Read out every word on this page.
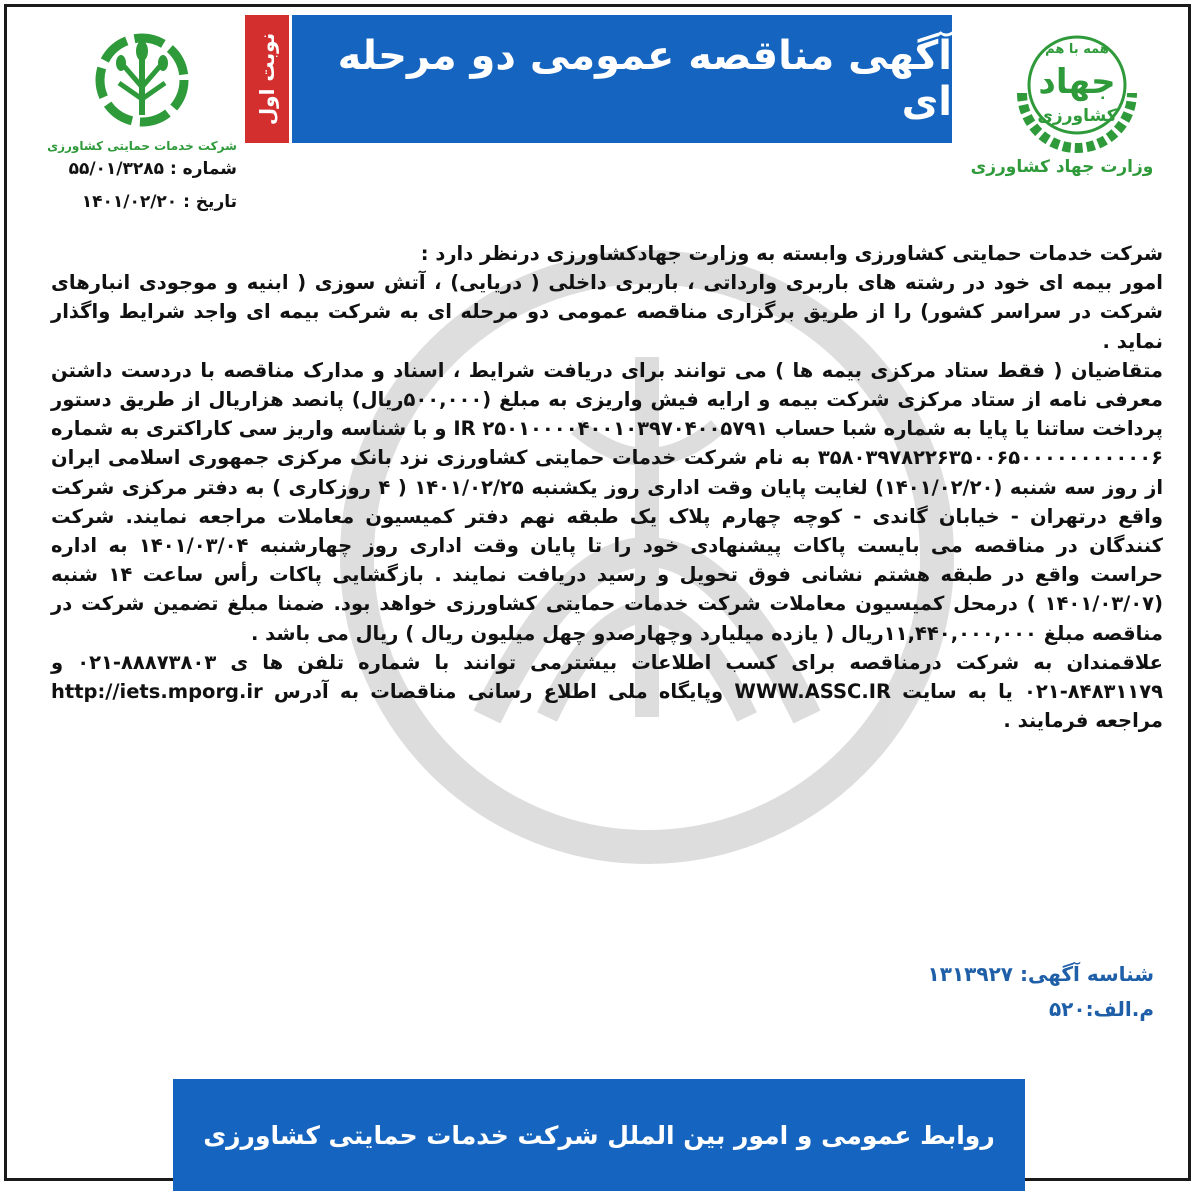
شرکت خدمات حمایتی کشاورزی
نوبت اول	آگهی مناقصه عمومی دو مرحله ای
همه با هم
جهاد
کشاورزی
وزارت جهاد کشاورزی
شماره : ۵۵/۰۱/۳۲۸۵
تاریخ : ۱۴۰۱/۰۲/۲۰

شرکت خدمات حمایتی کشاورزی وابسته به وزارت جهادکشاورزی درنظر دارد :

امور بیمه ای خود در رشته های باربری وارداتی ، باربری داخلی ( دریایی) ، آتش سوزی ( ابنیه و موجودی انبارهای شرکت در سراسر کشور) را از طریق برگزاری مناقصه عمومی دو مرحله ای به شرکت بیمه ای واجد شرایط واگذار نماید .

متقاضیان ( فقط ستاد مرکزی بیمه ها ) می توانند برای دریافت شرایط ، اسناد و مدارک مناقصه با دردست داشتن معرفی نامه از ستاد مرکزی شرکت بیمه و ارایه فیش واریزی به مبلغ (۵۰۰,۰۰۰ریال) پانصد هزاریال از طریق دستور پرداخت ساتنا یا پایا به شماره شبا حساب IR ۲۵۰۱۰۰۰۰۴۰۰۱۰۳۹۷۰۴۰۰۵۷۹۱ و با شناسه واریز سی کاراکتری به شماره ۳۵۸۰۳۹۷۸۲۲۶۳۵۰۰۶۵۰۰۰۰۰۰۰۰۰۰۰۶ به نام شرکت خدمات حمایتی کشاورزی نزد بانک مرکزی جمهوری اسلامی ایران از روز سه شنبه (۱۴۰۱/۰۲/۲۰) لغایت پایان وقت اداری روز یکشنبه ۱۴۰۱/۰۲/۲۵ ( ۴ روزکاری ) به دفتر مرکزی شرکت واقع درتهران - خیابان گاندی - کوچه چهارم پلاک یک طبقه نهم دفتر کمیسیون معاملات مراجعه نمایند. شرکت کنندگان در مناقصه می بایست پاکات پیشنهادی خود را تا پایان وقت اداری روز چهارشنبه ۱۴۰۱/۰۳/۰۴ به اداره حراست واقع در طبقه هشتم نشانی فوق تحویل و رسید دریافت نمایند . بازگشایی پاکات رأس ساعت ۱۴ شنبه (۱۴۰۱/۰۳/۰۷ ) درمحل کمیسیون معاملات شرکت خدمات حمایتی کشاورزی خواهد بود. ضمنا مبلغ تضمین شرکت در مناقصه مبلغ ۱۱,۴۴۰,۰۰۰,۰۰۰ریال ( یازده میلیارد وچهارصدو چهل میلیون ریال ) ریال می باشد .

علاقمندان به شرکت درمناقصه برای کسب اطلاعات بیشترمی توانند با شماره تلفن ها ی ۸۸۸۷۳۸۰۳-۰۲۱ و ۸۴۸۳۱۱۷۹-۰۲۱ یا به سایت WWW.ASSC.IR وپایگاه ملی اطلاع رسانی مناقصات به آدرس http://iets.mporg.ir مراجعه فرمایند .

شناسه آگهی: ۱۳۱۳۹۲۷
م.الف:۵۲۰
روابط عمومی و امور بین الملل شرکت خدمات حمایتی کشاورزی
